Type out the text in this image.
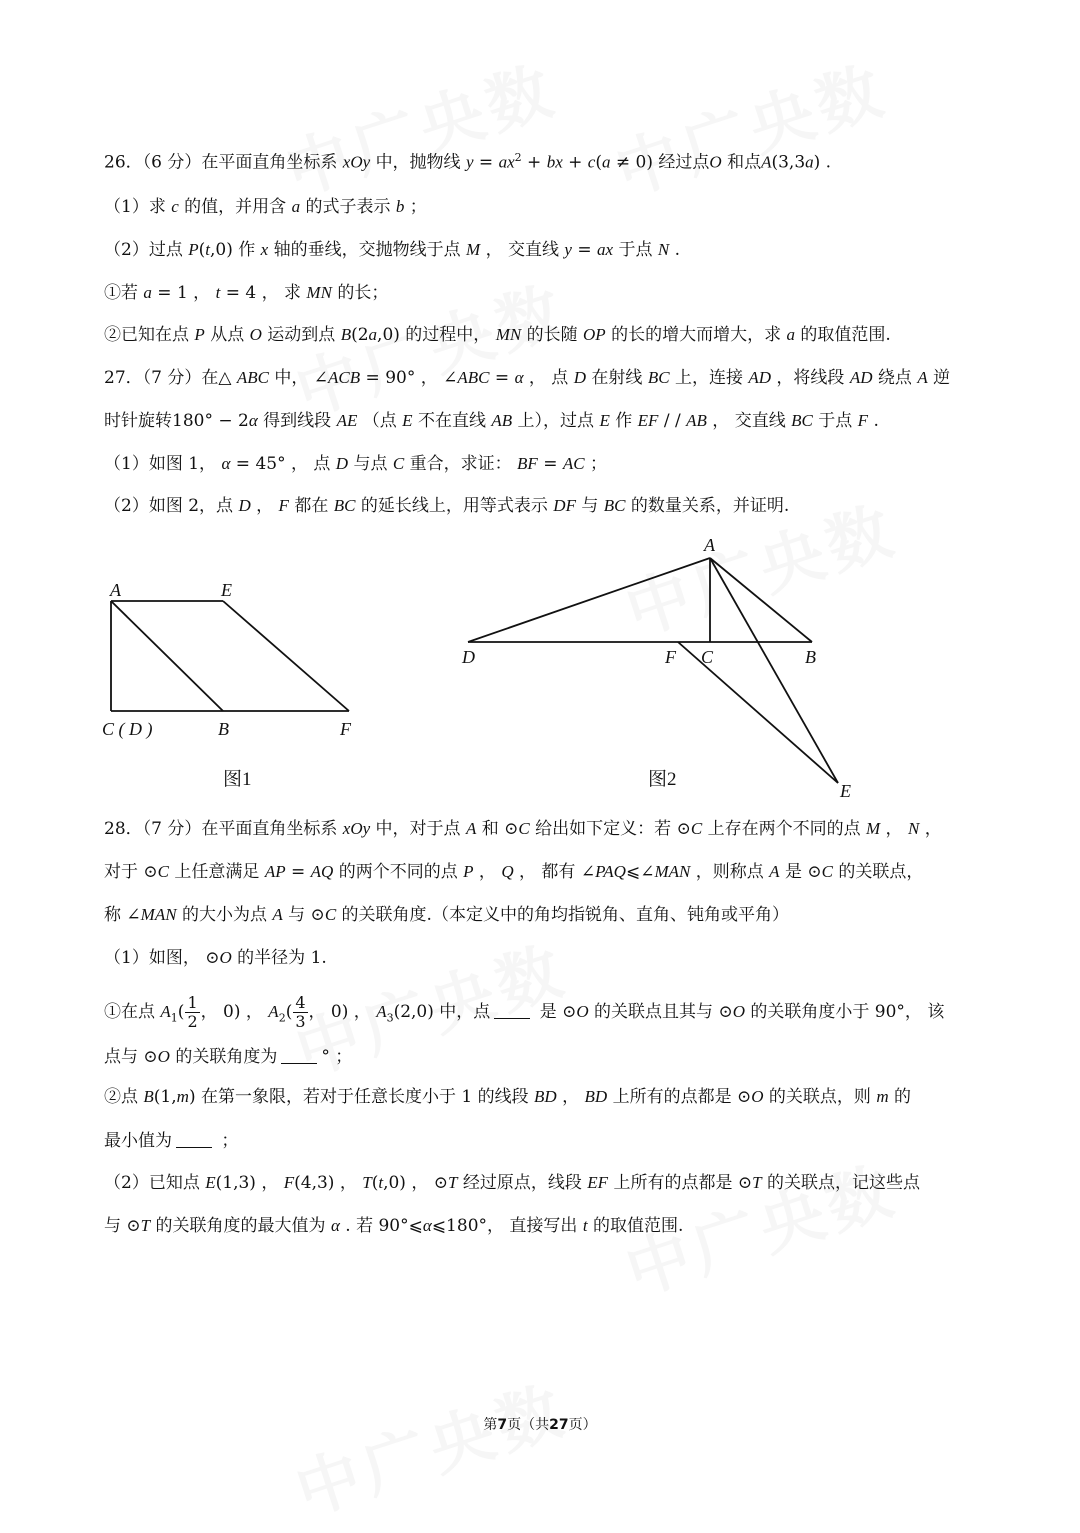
26．（6 分）在平面直角坐标系 xOy 中，抛物线 $y = ax^2$ + bx + c(a ≠ 0) 经过点O 和点A(3,3a) .
（1）求 c 的值，并用含 a 的式子表示 b ；
（2）过点 P(t,0) 作 x 轴的垂线，交抛物线于点 M ， 交直线 y = ax 于点 N .
①若 a = 1 ， t = 4 ， 求 MN 的长；
②已知在点 P 从点 O 运动到点 B(2a,0) 的过程中， MN 的长随 OP 的长的增大而增大，求 a 的取值范围.
27．（7 分）在△ ABC 中， ∠ACB = 90° ， ∠ABC = α ， 点 D 在射线 BC 上，连接 AD ，将线段 AD 绕点 A 逆
时针旋转180° − 2α 得到线段 AE （点 E 不在直线 AB 上），过点 E 作 EF / / AB ， 交直线 BC 于点 F .
（1）如图 1， α = 45° ， 点 D 与点 C 重合，求证： BF = AC ；
（2）如图 2，点 D ， F 都在 BC 的延长线上，用等式表示 DF 与 BC 的数量关系，并证明.
A	E
C ( D )	B	F
图1
A
D	F C	B
E
图2
28．（7 分）在平面直角坐标系 xOy 中，对于点 A 和 ⊙C 给出如下定义：若 ⊙C 上存在两个不同的点 M ， N ，
对于 ⊙C 上任意满足 AP = AQ 的两个不同的点 P ， Q ， 都有 ∠PAQ⩽∠MAN ，则称点 A 是 ⊙C 的关联点，
称 ∠MAN 的大小为点 A 与 ⊙C 的关联角度.（本定义中的角均指锐角、直角、钝角或平角）
（1）如图， ⊙O 的半径为 1.
①在点 $A_1( \frac{1}{2}$ ， 0) ， $A_2( \frac{4}{3}$ ， 0) ， $A_3(2,0)$ 中，点	是 ⊙O 的关联点且其与 ⊙O 的关联角度小于 90°， 该
点与 ⊙O 的关联角度为	° ；
②点 B(1,m) 在第一象限，若对于任意长度小于 1 的线段 BD ， BD 上所有的点都是 ⊙O 的关联点，则 m 的
最小值为	；
（2）已知点 E(1,3) ， F(4,3) ， T(t,0) ， ⊙T 经过原点，线段 EF 上所有的点都是 ⊙T 的关联点，记这些点
与 ⊙T 的关联角度的最大值为 α . 若 90°⩽α⩽180°， 直接写出 t 的取值范围.
第7页（共27页）
